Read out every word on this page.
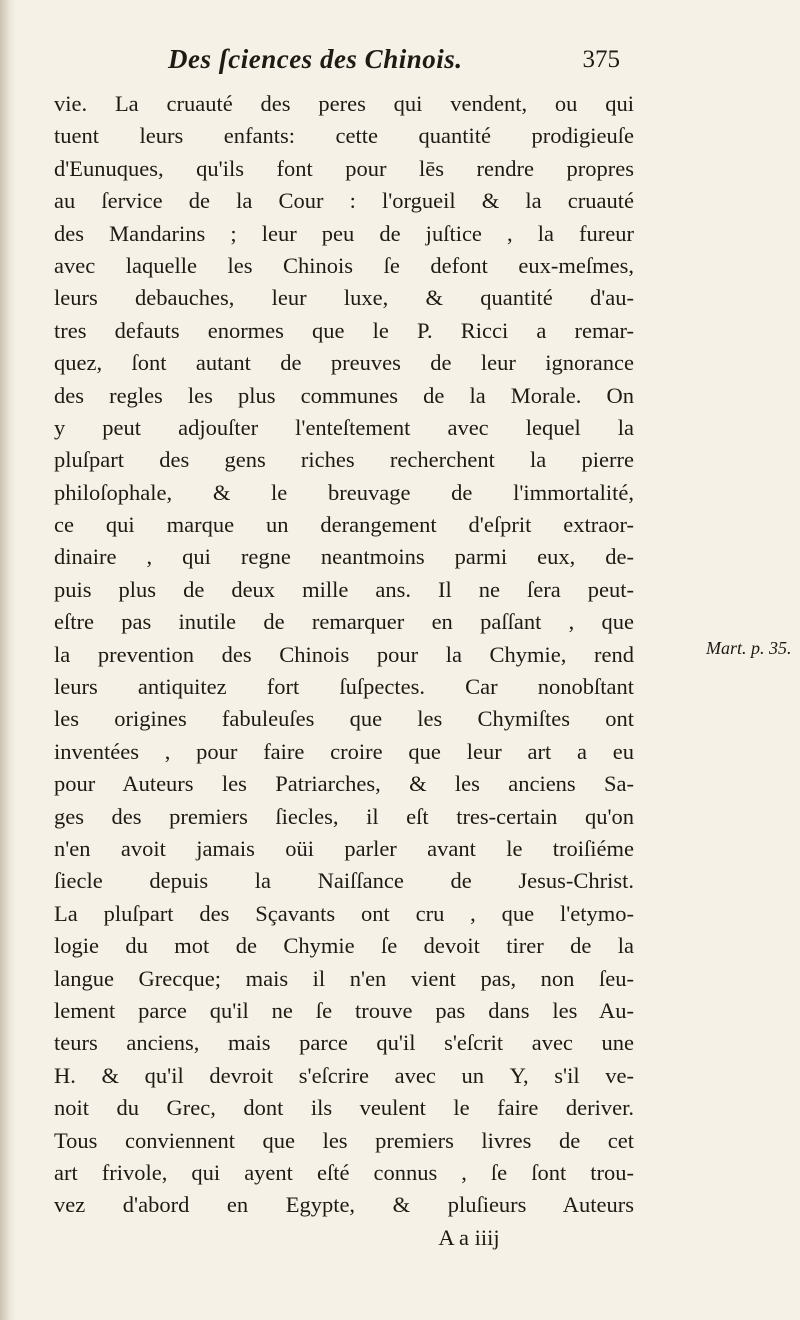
Des ſciences des Chinois.	375
vie. La cruauté des peres qui vendent, ou qui
tuent leurs enfants: cette quantité prodigieuſe
d'Eunuques, qu'ils font pour lēs rendre propres
au ſervice de la Cour : l'orgueil & la cruauté
des Mandarins ; leur peu de juſtice , la fureur
avec laquelle les Chinois ſe defont eux-meſmes,
leurs debauches, leur luxe, & quantité d'au-
tres defauts enormes que le P. Ricci a remar-
quez, ſont autant de preuves de leur ignorance
des regles les plus communes de la Morale. On
y peut adjouſter l'enteſtement avec lequel la
pluſpart des gens riches recherchent la pierre
philoſophale, & le breuvage de l'immortalité,
ce qui marque un derangement d'eſprit extraor-
dinaire , qui regne neantmoins parmi eux, de-
puis plus de deux mille ans. Il ne ſera peut-
eſtre pas inutile de remarquer en paſſant , que
la prevention des Chinois pour la Chymie, rend
leurs antiquitez fort ſuſpectes. Car nonobſtant
les origines fabuleuſes que les Chymiſtes ont
inventées , pour faire croire que leur art a eu
pour Auteurs les Patriarches, & les anciens Sa-
ges des premiers ſiecles, il eſt tres-certain qu'on
n'en avoit jamais oüi parler avant le troiſiéme
ſiecle depuis la Naiſſance de Jesus-Christ.
La pluſpart des Sçavants ont cru , que l'etymo-
logie du mot de Chymie ſe devoit tirer de la
langue Grecque; mais il n'en vient pas, non ſeu-
lement parce qu'il ne ſe trouve pas dans les Au-
teurs anciens, mais parce qu'il s'eſcrit avec une
H. & qu'il devroit s'eſcrire avec un Υ, s'il ve-
noit du Grec, dont ils veulent le faire deriver.
Tous conviennent que les premiers livres de cet
art frivole, qui ayent eſté connus , ſe ſont trou-
vez d'abord en Egypte, & pluſieurs Auteurs
A a iiij
Mart. p. 35.
